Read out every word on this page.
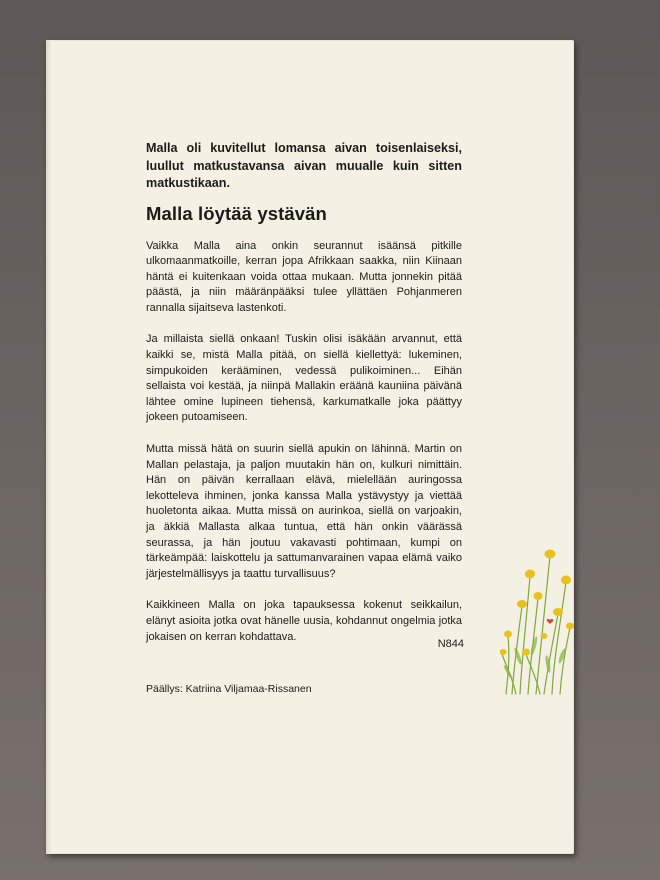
Malla oli kuvitellut lomansa aivan toisenlaiseksi, luullut matkustavansa aivan muualle kuin sitten matkustikaan.

Malla löytää ystävän

Vaikka Malla aina onkin seurannut isäänsä pitkille ulkomaanmatkoille, kerran jopa Afrikkaan saakka, niin Kiinaan häntä ei kuitenkaan voida ottaa mukaan. Mutta jonnekin pitää päästä, ja niin määränpääksi tulee yllättäen Pohjanmeren rannalla sijaitseva lastenkoti.

Ja millaista siellä onkaan! Tuskin olisi isäkään arvannut, että kaikki se, mistä Malla pitää, on siellä kiellettyä: lukeminen, simpukoiden kerääminen, vedessä pulikoiminen... Eihän sellaista voi kestää, ja niinpä Mallakin eräänä kauniina päivänä lähtee omine lupineen tiehensä, karkumatkalle joka päättyy jokeen putoamiseen.

Mutta missä hätä on suurin siellä apukin on lähinnä. Martin on Mallan pelastaja, ja paljon muutakin hän on, kulkuri nimittäin. Hän on päivän kerrallaan elävä, mielellään auringossa lekotteleva ihminen, jonka kanssa Malla ystävystyy ja viettää huoletonta aikaa. Mutta missä on aurinkoa, siellä on varjoakin, ja äkkiä Mallasta alkaa tuntua, että hän onkin väärässä seurassa, ja hän joutuu vakavasti pohtimaan, kumpi on tärkeämpää: laiskottelu ja sattumanvarainen vapaa elämä vaiko järjestelmällisyys ja taattu turvallisuus?

Kaikkineen Malla on joka tapauksessa kokenut seikkailun, elänyt asioita jotka ovat hänelle uusia, kohdannut ongelmia jotka jokaisen on kerran kohdattava.

N844
Päällys: Katriina Viljamaa-Rissanen
